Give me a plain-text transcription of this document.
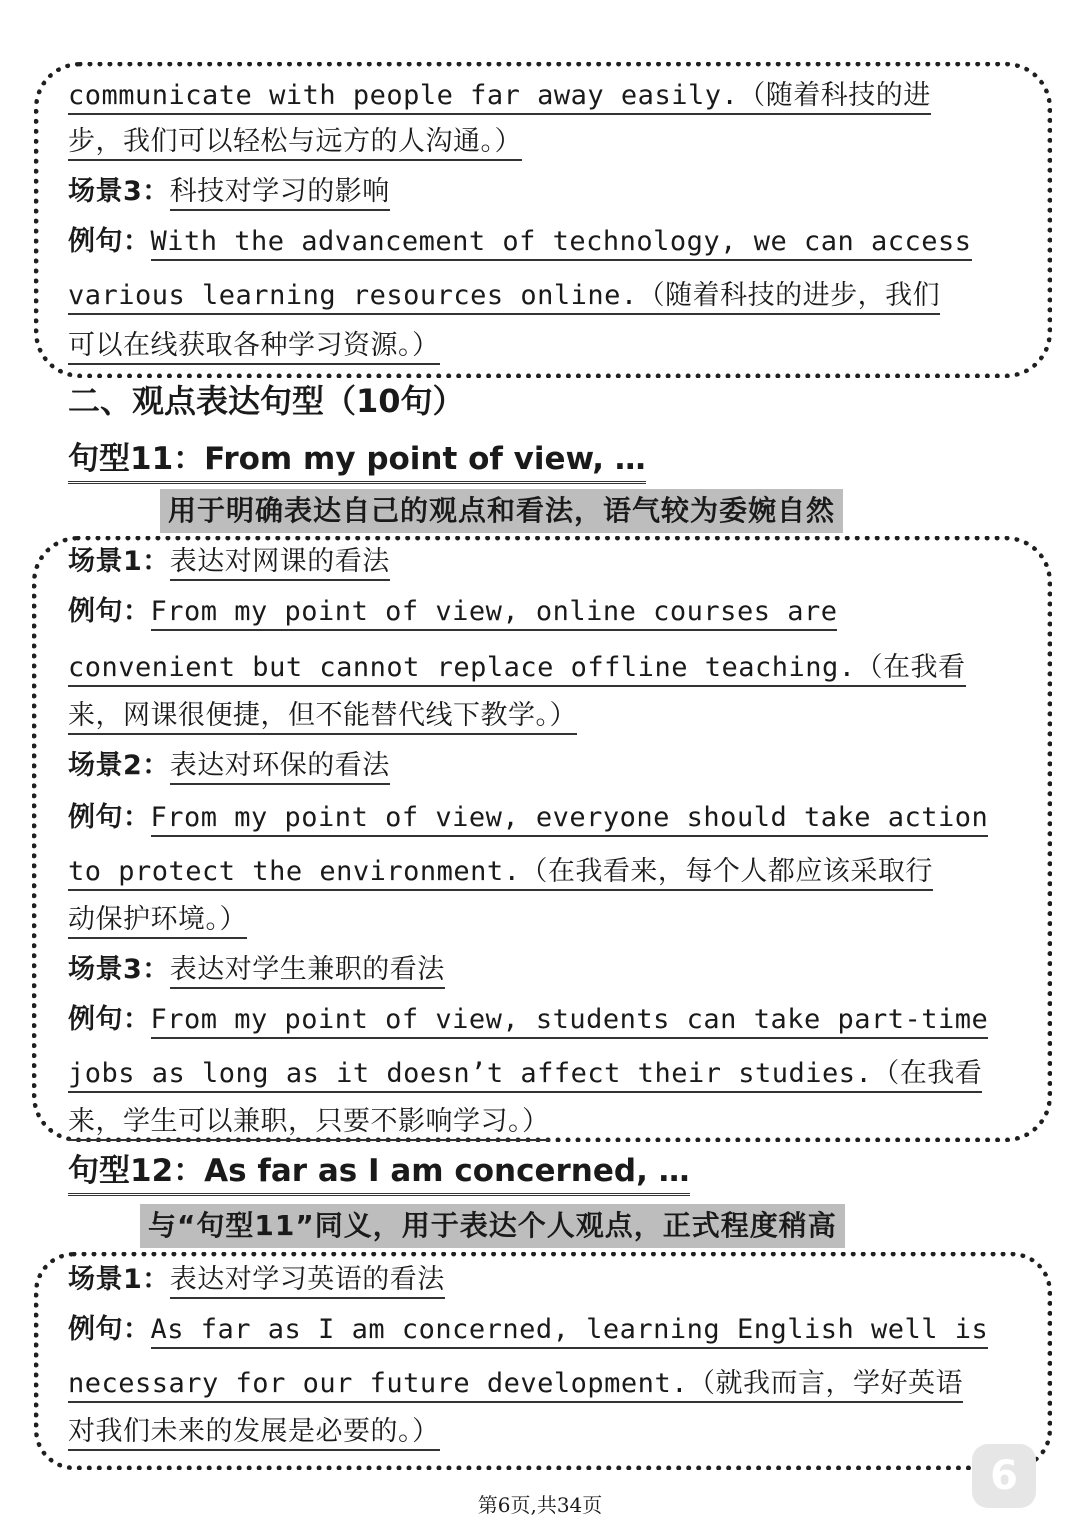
communicate with people far away easily.（随着科技的进
步，我们可以轻松与远方的人沟通。）
场景3：科技对学习的影响
例句：With the advancement of technology, we can access
various learning resources online.（随着科技的进步，我们
可以在线获取各种学习资源。）
二、观点表达句型（10句）
句型11：From my point of view, …
用于明确表达自己的观点和看法，语气较为委婉自然
场景1：表达对网课的看法
例句：From my point of view, online courses are
convenient but cannot replace offline teaching.（在我看
来，网课很便捷，但不能替代线下教学。）
场景2：表达对环保的看法
例句：From my point of view, everyone should take action
to protect the environment.（在我看来，每个人都应该采取行
动保护环境。）
场景3：表达对学生兼职的看法
例句：From my point of view, students can take part-time
jobs as long as it doesn’t affect their studies.（在我看
来，学生可以兼职，只要不影响学习。）
句型12：As far as I am concerned, …
与“句型11”同义，用于表达个人观点，正式程度稍高
场景1：表达对学习英语的看法
例句：As far as I am concerned, learning English well is
necessary for our future development.（就我而言，学好英语
对我们未来的发展是必要的。）
6
第6页,共34页
